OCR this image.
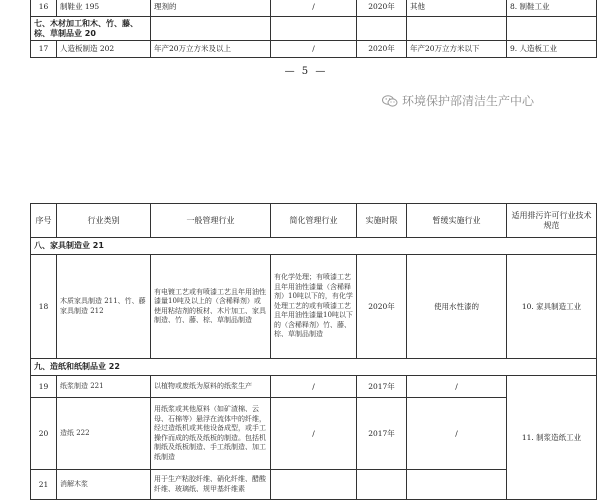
16	制鞋业 195	理剂的	/	2020年	其他	8. 制鞋工业
七、木材加工和木、竹、藤、棕、草制品业 20						
17	人造板制造 202	年产20万立方米及以上	/	2020年	年产20万立方米以下	9. 人造板工业
— 5 —
环境保护部清洁生产中心
序号	行业类别	一般管理行业	简化管理行业	实施时限	暂缓实施行业	适用排污许可行业技术规范
八、家具制造业 21						
18	木质家具制造 211、竹、藤家具制造 212	有电镀工艺或有喷漆工艺且年用油性漆量10吨及以上的（含稀释剂）或使用粘结剂的板材、木片加工、家具制造、竹、藤、棕、草制品制造	有化学处理；有喷漆工艺且年用油性漆量（含稀释剂）10吨以下的，有化学处理工艺的或有喷漆工艺且年用油性漆量10吨以下的（含稀释剂）竹、藤、棕、草制品制造	2020年	使用水性漆的	10. 家具制造工业
九、造纸和纸制品业 22						
19	纸浆制造 221	以植物或废纸为原料的纸浆生产	/	2017年	/	11. 制浆造纸工业
20	造纸 222	用纸浆或其他原料（如矿渣棉、云母、石棉等）悬浮在流体中的纤维，经过造纸机或其他设备成型，或手工操作而成的纸及纸板的制造。包括机制纸及纸板制造、手工纸制造、加工纸制造	/	2017年	/	
21	消解木浆	用于生产粘胶纤维、硝化纤维、醋酸纤维、玻璃纸、规甲基纤维素				
